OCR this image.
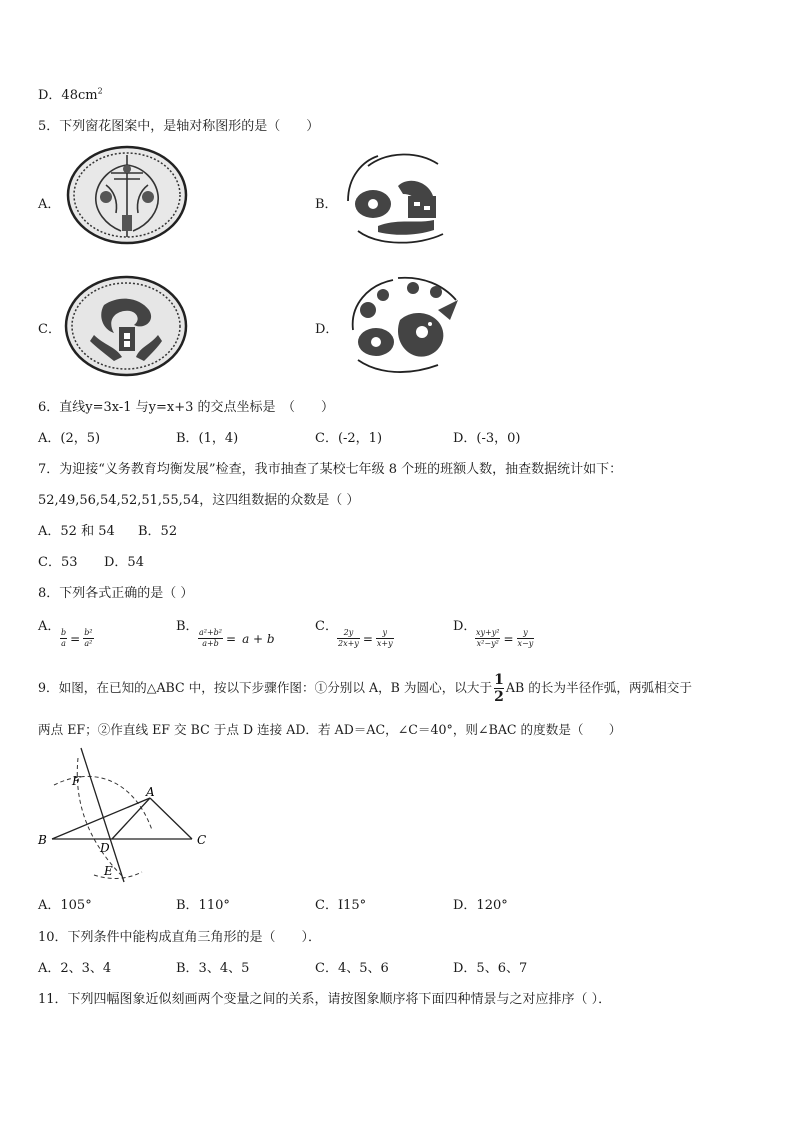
D．$48cm^2$
5．下列窗花图案中，是轴对称图形的是（　　）
A．	B．
C．	D．
6．直线y=3x-1 与y=x+3 的交点坐标是　（　　）
A．(2，5)	B．(1，4)	C．(-2，1)	D．(-3，0)
7．为迎接“义务教育均衡发展”检查，我市抽查了某校七年级 8 个班的班额人数，抽查数据统计如下：
52,49,56,54,52,51,55,54，这四组数据的众数是（ ）
A．52 和 54 B．52
C．53 D．54
8．下列各式正确的是（ ）
A．
$\frac{b}{a} = \frac{\text{b²}}{\text{a²}}$
B．
$\frac{\text{a²+b²}}{a+b} = a + b$
C．
$\frac{2y}{2x+y} = \frac{y}{x+y}$
D．
$\frac{\text{xy+y²}}{\text{x²−y²}} = \frac{y}{x-y}$
9．如图，在已知的△ABC 中，按以下步骤作图：①分别以 A，B 为圆心，以大于 $\frac{1}{2}$ AB 的长为半径作弧，两弧相交于
两点 EF；②作直线 EF 交 BC 于点 D 连接 AD．若 AD＝AC，∠C＝40°，则∠BAC 的度数是（　　）
F
A
B	C
D
E
A．105°	B．110°	C．I15°	D．120°
10．下列条件中能构成直角三角形的是（　　）．
A．2、3、4	B．3、4、5	C．4、5、6	D．5、6、7
11．下列四幅图象近似刻画两个变量之间的关系，请按图象顺序将下面四种情景与之对应排序（ ）．
